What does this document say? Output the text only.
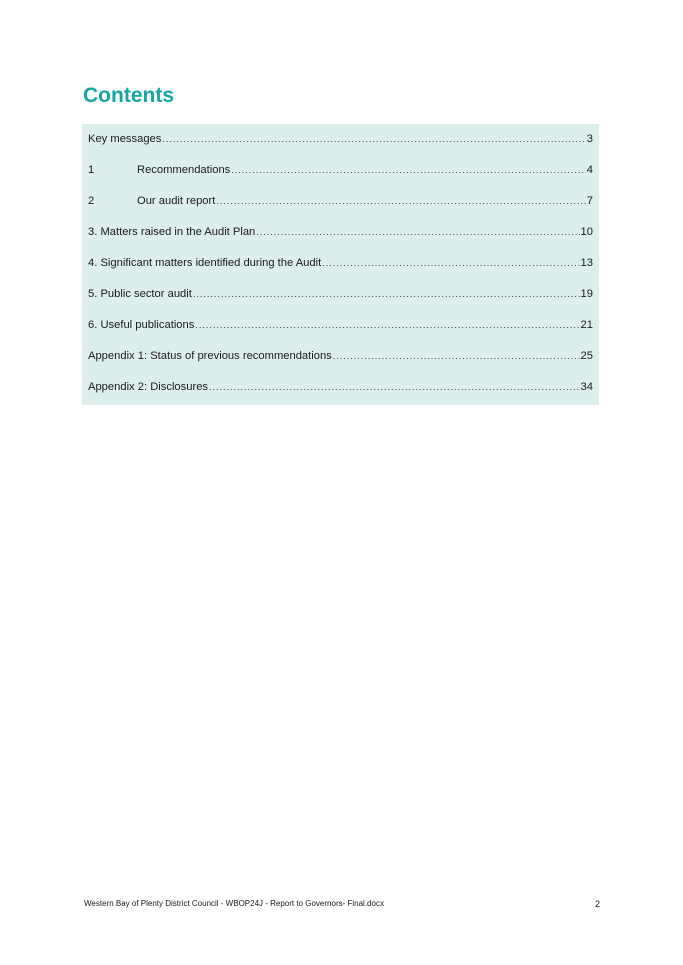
Contents
Key messages .....	3
1	Recommendations .....	4
2	Our audit report .....	7
3. Matters raised in the Audit Plan .....	10
4. Significant matters identified during the Audit .....	13
5. Public sector audit .....	19
6. Useful publications .....	21
Appendix 1: Status of previous recommendations .....	25
Appendix 2: Disclosures .....	34
Western Bay of Plenty District Council - WBOP24J - Report to Governors- Final.docx	2
